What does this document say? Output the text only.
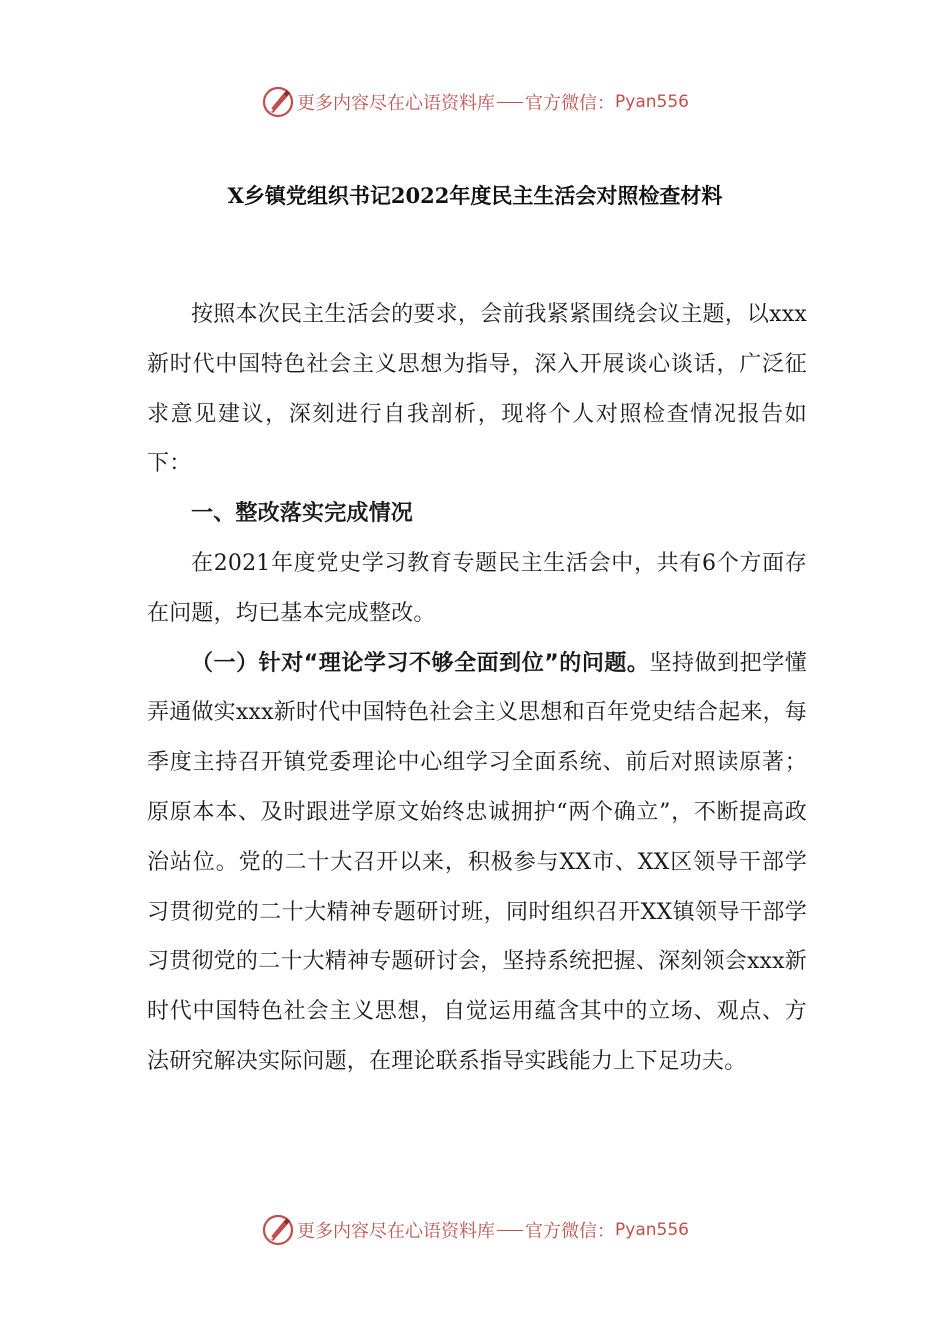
更多内容尽在心语资料库 官方微信： Pyan556
X乡镇党组织书记2022年度民主生活会对照检查材料

按照本次民主生活会的要求，会前我紧紧围绕会议主题，以xxx新时代中国特色社会主义思想为指导，深入开展谈心谈话，广泛征求意见建议，深刻进行自我剖析，现将个人对照检查情况报告如下：

一、整改落实完成情况

在2021年度党史学习教育专题民主生活会中，共有6个方面存在问题，均已基本完成整改。

（一）针对“理论学习不够全面到位”的问题。坚持做到把学懂弄通做实xxx新时代中国特色社会主义思想和百年党史结合起来，每季度主持召开镇党委理论中心组学习全面系统、前后对照读原著；原原本本、及时跟进学原文始终忠诚拥护“两个确立”，不断提高政治站位。党的二十大召开以来，积极参与XX市、XX区领导干部学习贯彻党的二十大精神专题研讨班，同时组织召开XX镇领导干部学习贯彻党的二十大精神专题研讨会，坚持系统把握、深刻领会xxx新时代中国特色社会主义思想，自觉运用蕴含其中的立场、观点、方法研究解决实际问题，在理论联系指导实践能力上下足功夫。

更多内容尽在心语资料库 官方微信： Pyan556
